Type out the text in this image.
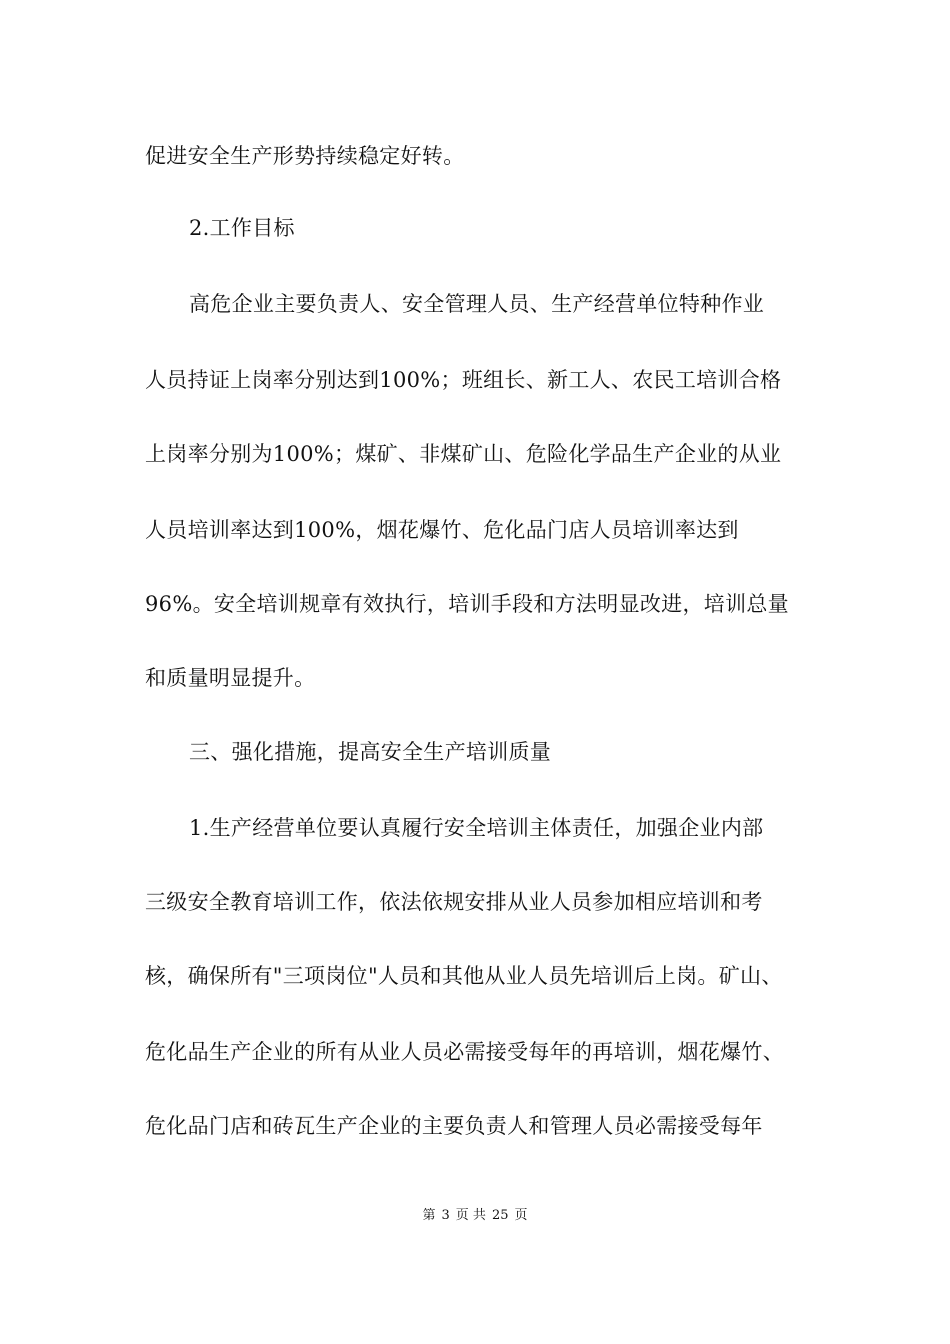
促进安全生产形势持续稳定好转。
2.工作目标
高危企业主要负责人、安全管理人员、生产经营单位特种作业
人员持证上岗率分别达到100%；班组长、新工人、农民工培训合格
上岗率分别为100%；煤矿、非煤矿山、危险化学品生产企业的从业
人员培训率达到100%，烟花爆竹、危化品门店人员培训率达到
96%。安全培训规章有效执行，培训手段和方法明显改进，培训总量
和质量明显提升。
三、强化措施，提高安全生产培训质量
1.生产经营单位要认真履行安全培训主体责任，加强企业内部
三级安全教育培训工作，依法依规安排从业人员参加相应培训和考
核，确保所有"三项岗位"人员和其他从业人员先培训后上岗。矿山、
危化品生产企业的所有从业人员必需接受每年的再培训，烟花爆竹、
危化品门店和砖瓦生产企业的主要负责人和管理人员必需接受每年
第 3 页 共 25 页
